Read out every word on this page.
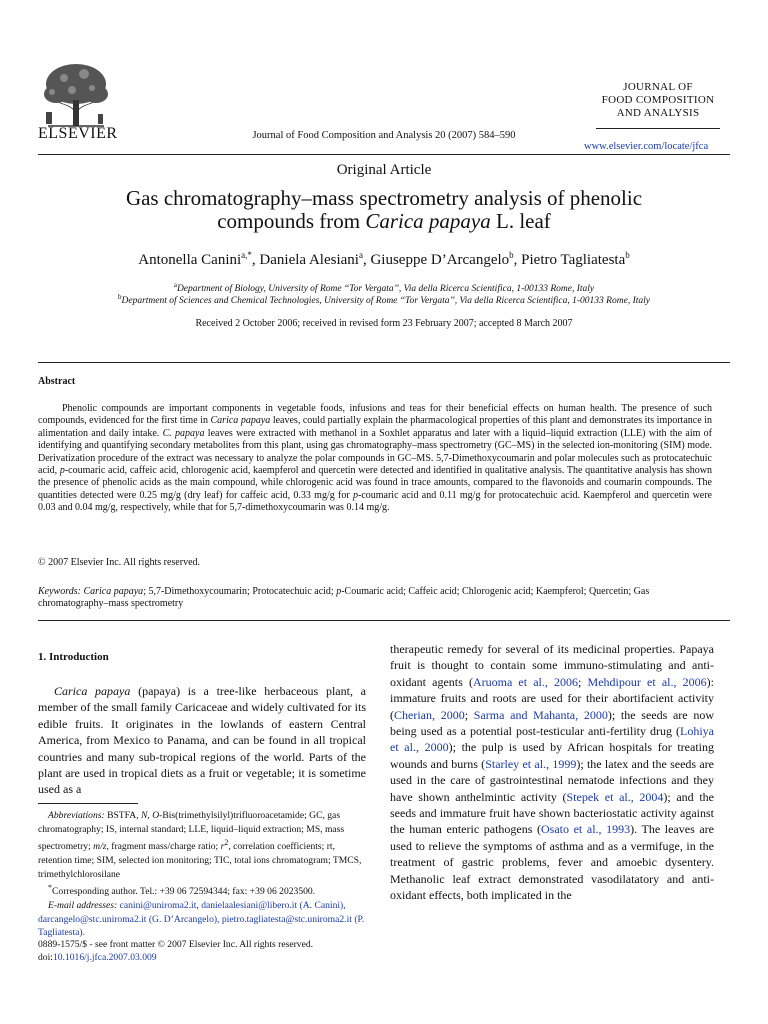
ELSEVIER
JOURNAL OF
FOOD COMPOSITION
AND ANALYSIS
Journal of Food Composition and Analysis 20 (2007) 584–590
www.elsevier.com/locate/jfca
Original Article
Gas chromatography–mass spectrometry analysis of phenolic
compounds from Carica papaya L. leaf
Antonella Canini$^{a,*}$, Daniela Alesiani$^a$, Giuseppe D’Arcangelo$^b$, Pietro Tagliatesta$^b$
$^a$Department of Biology, University of Rome ‘‘Tor Vergata’’, Via della Ricerca Scientifica, 1-00133 Rome, Italy
$^b$Department of Sciences and Chemical Technologies, University of Rome ‘‘Tor Vergata’’, Via della Ricerca Scientifica, 1-00133 Rome, Italy
Received 2 October 2006; received in revised form 23 February 2007; accepted 8 March 2007
Abstract
Phenolic compounds are important components in vegetable foods, infusions and teas for their beneficial effects on human health. The presence of such compounds, evidenced for the first time in Carica papaya leaves, could partially explain the pharmacological properties of this plant and demonstrates its importance in alimentation and daily intake. C. papaya leaves were extracted with methanol in a Soxhlet apparatus and later with a liquid–liquid extraction (LLE) with the aim of identifying and quantifying secondary metabolites from this plant, using gas chromatography–mass spectrometry (GC–MS) in the selected ion-monitoring (SIM) mode. Derivatization procedure of the extract was necessary to analyze the polar compounds in GC–MS. 5,7-Dimethoxycoumarin and polar molecules such as protocatechuic acid, p-coumaric acid, caffeic acid, chlorogenic acid, kaempferol and quercetin were detected and identified in qualitative analysis. The quantitative analysis has shown the presence of phenolic acids as the main compound, while chlorogenic acid was found in trace amounts, compared to the flavonoids and coumarin compounds. The quantities detected were 0.25 mg/g (dry leaf) for caffeic acid, 0.33 mg/g for p-coumaric acid and 0.11 mg/g for protocatechuic acid. Kaempferol and quercetin were 0.03 and 0.04 mg/g, respectively, while that for 5,7-dimethoxycoumarin was 0.14 mg/g.
© 2007 Elsevier Inc. All rights reserved.
Keywords: Carica papaya; 5,7-Dimethoxycoumarin; Protocatechuic acid; p-Coumaric acid; Caffeic acid; Chlorogenic acid; Kaempferol; Quercetin; Gas chromatography–mass spectrometry
1. Introduction
Carica papaya (papaya) is a tree-like herbaceous plant, a member of the small family Caricaceae and widely cultivated for its edible fruits. It originates in the lowlands of eastern Central America, from Mexico to Panama, and can be found in all tropical countries and many sub-tropical regions of the world. Parts of the plant are used in tropical diets as a fruit or vegetable; it is sometime used as a

Abbreviations: BSTFA, N, O-Bis(trimethylsilyl)trifluoroacetamide; GC, gas chromatography; IS, internal standard; LLE, liquid–liquid extraction; MS, mass spectrometry; m/z, fragment mass/charge ratio; $r^2$, correlation coefficients; rt, retention time; SIM, selected ion monitoring; TIC, total ions chromatogram; TMCS, trimethylchlorosilane

*Corresponding author. Tel.: +39 06 72594344; fax: +39 06 2023500.

E-mail addresses: canini@uniroma2.it, danielaalesiani@libero.it (A. Canini), darcangelo@stc.uniroma2.it (G. D’Arcangelo), pietro.tagliatesta@stc.uniroma2.it (P. Tagliatesta).

0889-1575/$ - see front matter © 2007 Elsevier Inc. All rights reserved.
doi:10.1016/j.jfca.2007.03.009
therapeutic remedy for several of its medicinal properties. Papaya fruit is thought to contain some immuno-stimulating and anti-oxidant agents (Aruoma et al., 2006; Mehdipour et al., 2006): immature fruits and roots are used for their abortifacient activity (Cherian, 2000; Sarma and Mahanta, 2000); the seeds are now being used as a potential post-testicular anti-fertility drug (Lohiya et al., 2000); the pulp is used by African hospitals for treating wounds and burns (Starley et al., 1999); the latex and the seeds are used in the care of gastrointestinal nematode infections and they have shown anthelmintic activity (Stepek et al., 2004); and the seeds and immature fruit have shown bacteriostatic activity against the human enteric pathogens (Osato et al., 1993). The leaves are used to relieve the symptoms of asthma and as a vermifuge, in the treatment of gastric problems, fever and amoebic dysentery. Methanolic leaf extract demonstrated vasodilatatory and anti-oxidant effects, both implicated in the
